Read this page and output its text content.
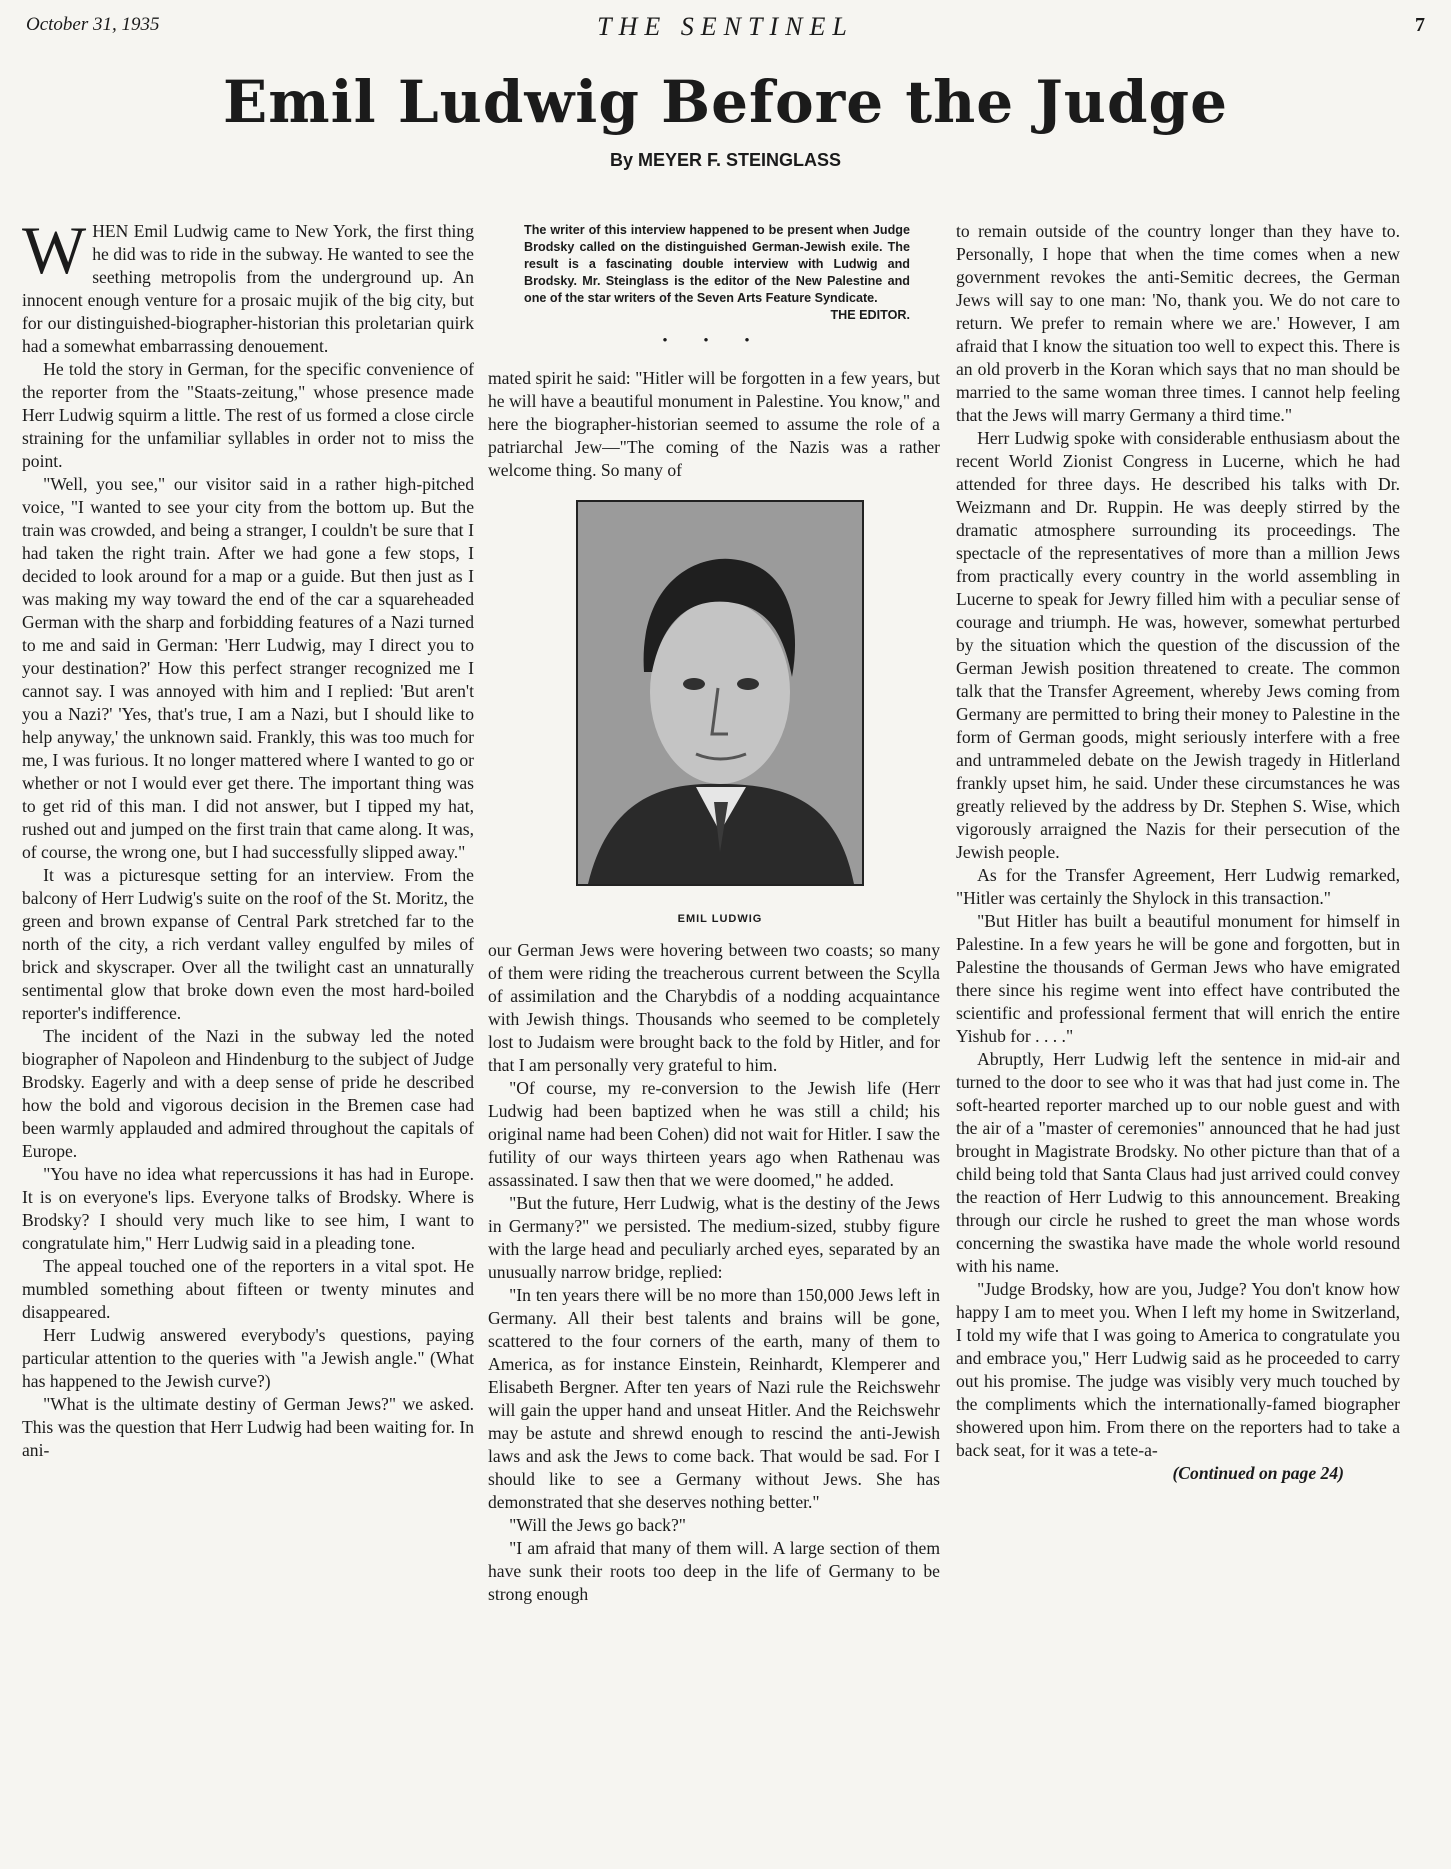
October 31, 1935	THE SENTINEL	7
Emil Ludwig Before the Judge
By MEYER F. STEINGLASS

WHEN Emil Ludwig came to New York, the first thing he did was to ride in the subway. He wanted to see the seething metropolis from the underground up. An innocent enough venture for a prosaic mujik of the big city, but for our distinguished-biographer-historian this proletarian quirk had a somewhat embarrassing denouement.

He told the story in German, for the specific convenience of the reporter from the "Staats-zeitung," whose presence made Herr Ludwig squirm a little. The rest of us formed a close circle straining for the unfamiliar syllables in order not to miss the point.

"Well, you see," our visitor said in a rather high-pitched voice, "I wanted to see your city from the bottom up. But the train was crowded, and being a stranger, I couldn't be sure that I had taken the right train. After we had gone a few stops, I decided to look around for a map or a guide. But then just as I was making my way toward the end of the car a squareheaded German with the sharp and forbidding features of a Nazi turned to me and said in German: 'Herr Ludwig, may I direct you to your destination?' How this perfect stranger recognized me I cannot say. I was annoyed with him and I replied: 'But aren't you a Nazi?' 'Yes, that's true, I am a Nazi, but I should like to help anyway,' the unknown said. Frankly, this was too much for me, I was furious. It no longer mattered where I wanted to go or whether or not I would ever get there. The important thing was to get rid of this man. I did not answer, but I tipped my hat, rushed out and jumped on the first train that came along. It was, of course, the wrong one, but I had successfully slipped away."

It was a picturesque setting for an interview. From the balcony of Herr Ludwig's suite on the roof of the St. Moritz, the green and brown expanse of Central Park stretched far to the north of the city, a rich verdant valley engulfed by miles of brick and skyscraper. Over all the twilight cast an unnaturally sentimental glow that broke down even the most hard-boiled reporter's indifference.

The incident of the Nazi in the subway led the noted biographer of Napoleon and Hindenburg to the subject of Judge Brodsky. Eagerly and with a deep sense of pride he described how the bold and vigorous decision in the Bremen case had been warmly applauded and admired throughout the capitals of Europe.

"You have no idea what repercussions it has had in Europe. It is on everyone's lips. Everyone talks of Brodsky. Where is Brodsky? I should very much like to see him, I want to congratulate him," Herr Ludwig said in a pleading tone.

The appeal touched one of the reporters in a vital spot. He mumbled something about fifteen or twenty minutes and disappeared.

Herr Ludwig answered everybody's questions, paying particular attention to the queries with "a Jewish angle." (What has happened to the Jewish curve?)

"What is the ultimate destiny of German Jews?" we asked. This was the question that Herr Ludwig had been waiting for. In ani-

The writer of this interview happened to be present when Judge Brodsky called on the distinguished German-Jewish exile. The result is a fascinating double interview with Ludwig and Brodsky. Mr. Steinglass is the editor of the New Palestine and one of the star writers of the Seven Arts Feature Syndicate.
THE EDITOR.
• • •

mated spirit he said: "Hitler will be forgotten in a few years, but he will have a beautiful monument in Palestine. You know," and here the biographer-historian seemed to assume the role of a patriarchal Jew—"The coming of the Nazis was a rather welcome thing. So many of

EMIL LUDWIG

our German Jews were hovering between two coasts; so many of them were riding the treacherous current between the Scylla of assimilation and the Charybdis of a nodding acquaintance with Jewish things. Thousands who seemed to be completely lost to Judaism were brought back to the fold by Hitler, and for that I am personally very grateful to him.

"Of course, my re-conversion to the Jewish life (Herr Ludwig had been baptized when he was still a child; his original name had been Cohen) did not wait for Hitler. I saw the futility of our ways thirteen years ago when Rathenau was assassinated. I saw then that we were doomed," he added.

"But the future, Herr Ludwig, what is the destiny of the Jews in Germany?" we persisted. The medium-sized, stubby figure with the large head and peculiarly arched eyes, separated by an unusually narrow bridge, replied:

"In ten years there will be no more than 150,000 Jews left in Germany. All their best talents and brains will be gone, scattered to the four corners of the earth, many of them to America, as for instance Einstein, Reinhardt, Klemperer and Elisabeth Bergner. After ten years of Nazi rule the Reichswehr will gain the upper hand and unseat Hitler. And the Reichswehr may be astute and shrewd enough to rescind the anti-Jewish laws and ask the Jews to come back. That would be sad. For I should like to see a Germany without Jews. She has demonstrated that she deserves nothing better."

"Will the Jews go back?"

"I am afraid that many of them will. A large section of them have sunk their roots too deep in the life of Germany to be strong enough

to remain outside of the country longer than they have to. Personally, I hope that when the time comes when a new government revokes the anti-Semitic decrees, the German Jews will say to one man: 'No, thank you. We do not care to return. We prefer to remain where we are.' However, I am afraid that I know the situation too well to expect this. There is an old proverb in the Koran which says that no man should be married to the same woman three times. I cannot help feeling that the Jews will marry Germany a third time."

Herr Ludwig spoke with considerable enthusiasm about the recent World Zionist Congress in Lucerne, which he had attended for three days. He described his talks with Dr. Weizmann and Dr. Ruppin. He was deeply stirred by the dramatic atmosphere surrounding its proceedings. The spectacle of the representatives of more than a million Jews from practically every country in the world assembling in Lucerne to speak for Jewry filled him with a peculiar sense of courage and triumph. He was, however, somewhat perturbed by the situation which the question of the discussion of the German Jewish position threatened to create. The common talk that the Transfer Agreement, whereby Jews coming from Germany are permitted to bring their money to Palestine in the form of German goods, might seriously interfere with a free and untrammeled debate on the Jewish tragedy in Hitlerland frankly upset him, he said. Under these circumstances he was greatly relieved by the address by Dr. Stephen S. Wise, which vigorously arraigned the Nazis for their persecution of the Jewish people.

As for the Transfer Agreement, Herr Ludwig remarked, "Hitler was certainly the Shylock in this transaction."

"But Hitler has built a beautiful monument for himself in Palestine. In a few years he will be gone and forgotten, but in Palestine the thousands of German Jews who have emigrated there since his regime went into effect have contributed the scientific and professional ferment that will enrich the entire Yishub for . . . ."

Abruptly, Herr Ludwig left the sentence in mid-air and turned to the door to see who it was that had just come in. The soft-hearted reporter marched up to our noble guest and with the air of a "master of ceremonies" announced that he had just brought in Magistrate Brodsky. No other picture than that of a child being told that Santa Claus had just arrived could convey the reaction of Herr Ludwig to this announcement. Breaking through our circle he rushed to greet the man whose words concerning the swastika have made the whole world resound with his name.

"Judge Brodsky, how are you, Judge? You don't know how happy I am to meet you. When I left my home in Switzerland, I told my wife that I was going to America to congratulate you and embrace you," Herr Ludwig said as he proceeded to carry out his promise. The judge was visibly very much touched by the compliments which the internationally-famed biographer showered upon him. From there on the reporters had to take a back seat, for it was a tete-a-

(Continued on page 24)
